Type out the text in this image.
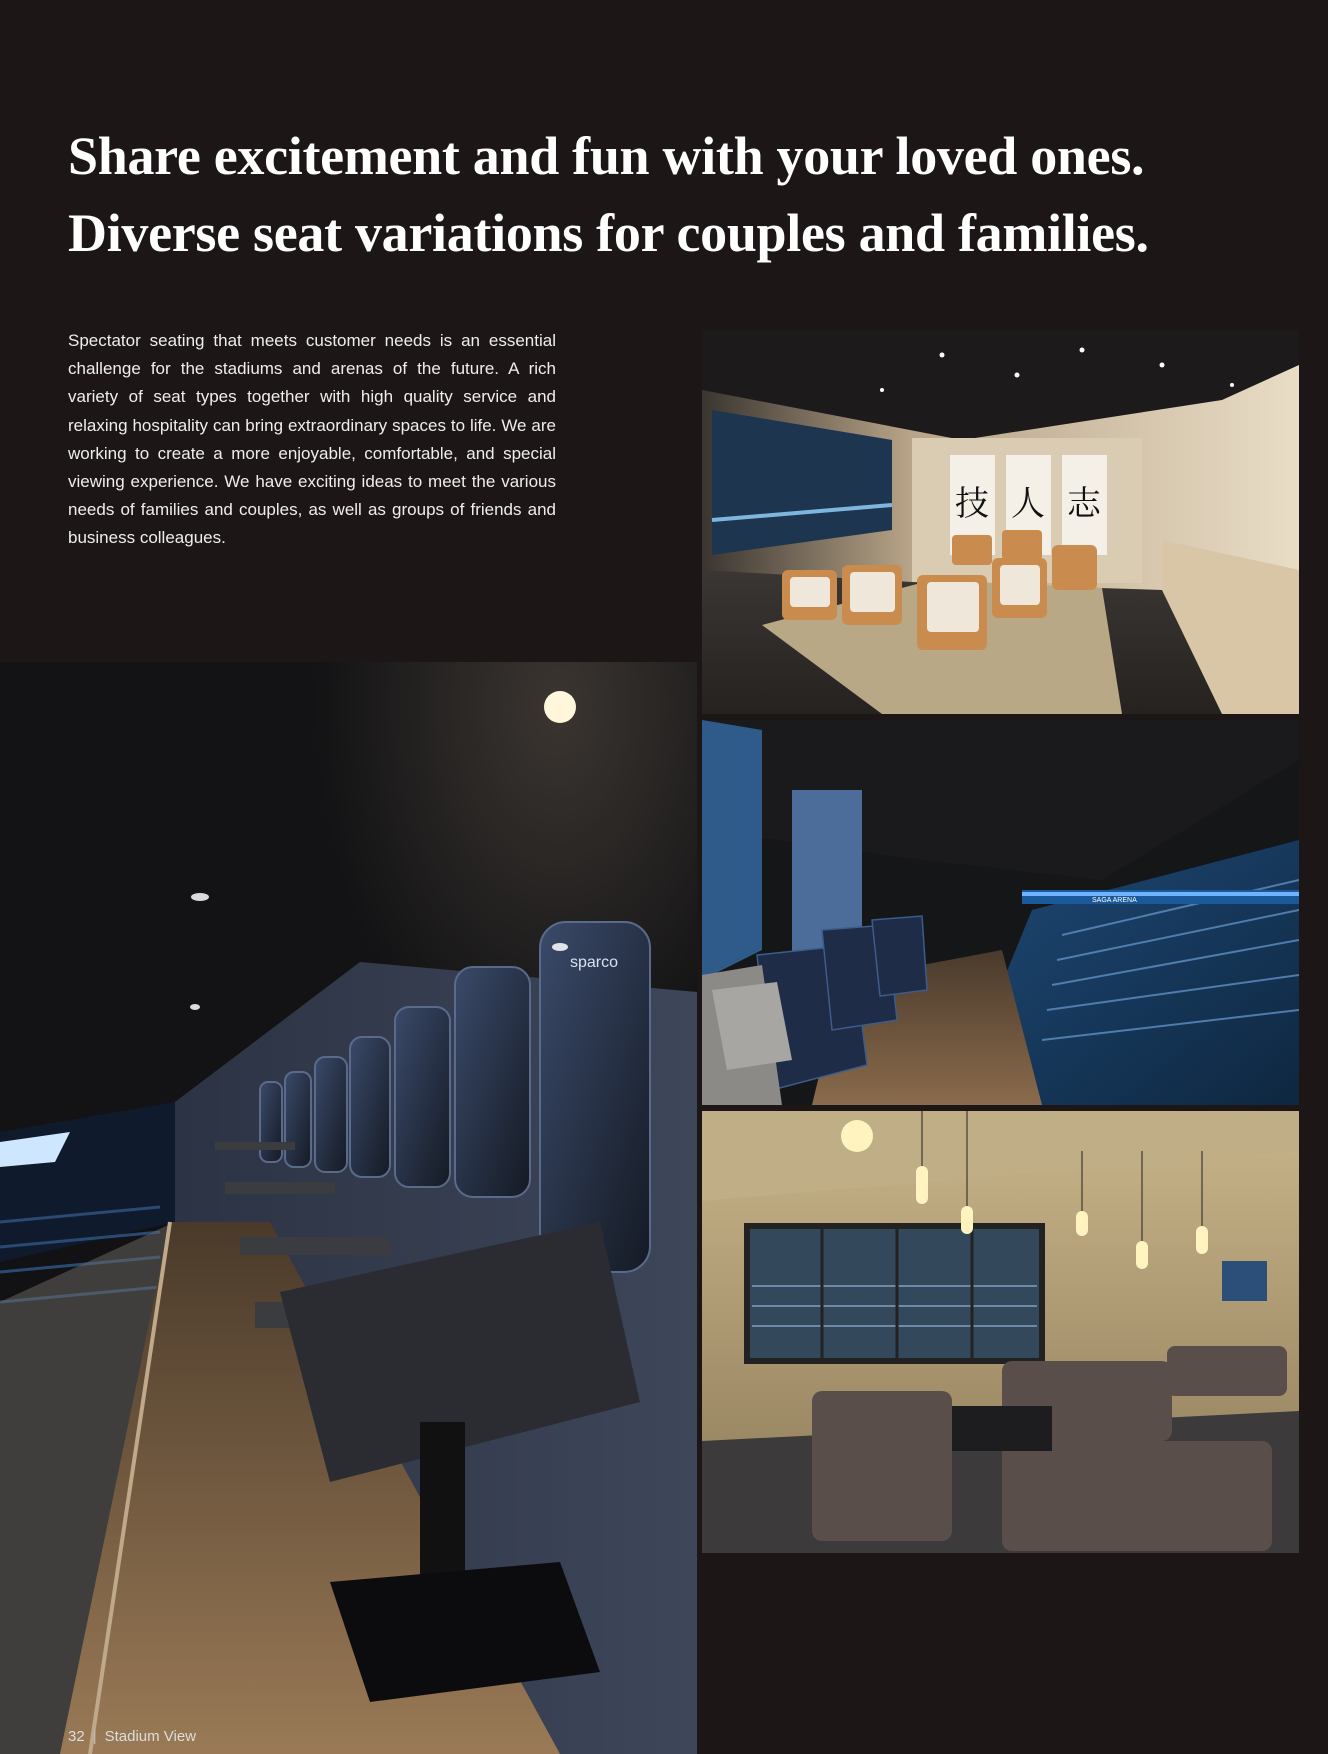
Share excitement and fun with your loved ones.
Diverse seat variations for couples and families.

Spectator seating that meets customer needs is an essential challenge for the stadiums and arenas of the future. A rich variety of seat types together with high quality service and relaxing hospitality can bring extraordinary spaces to life. We are working to create a more enjoyable, comfortable, and special viewing experience. We have exciting ideas to meet the various needs of families and couples, as well as groups of friends and business colleagues.

技 人 志
SAGA ARENA
sparco
32 | Stadium View
